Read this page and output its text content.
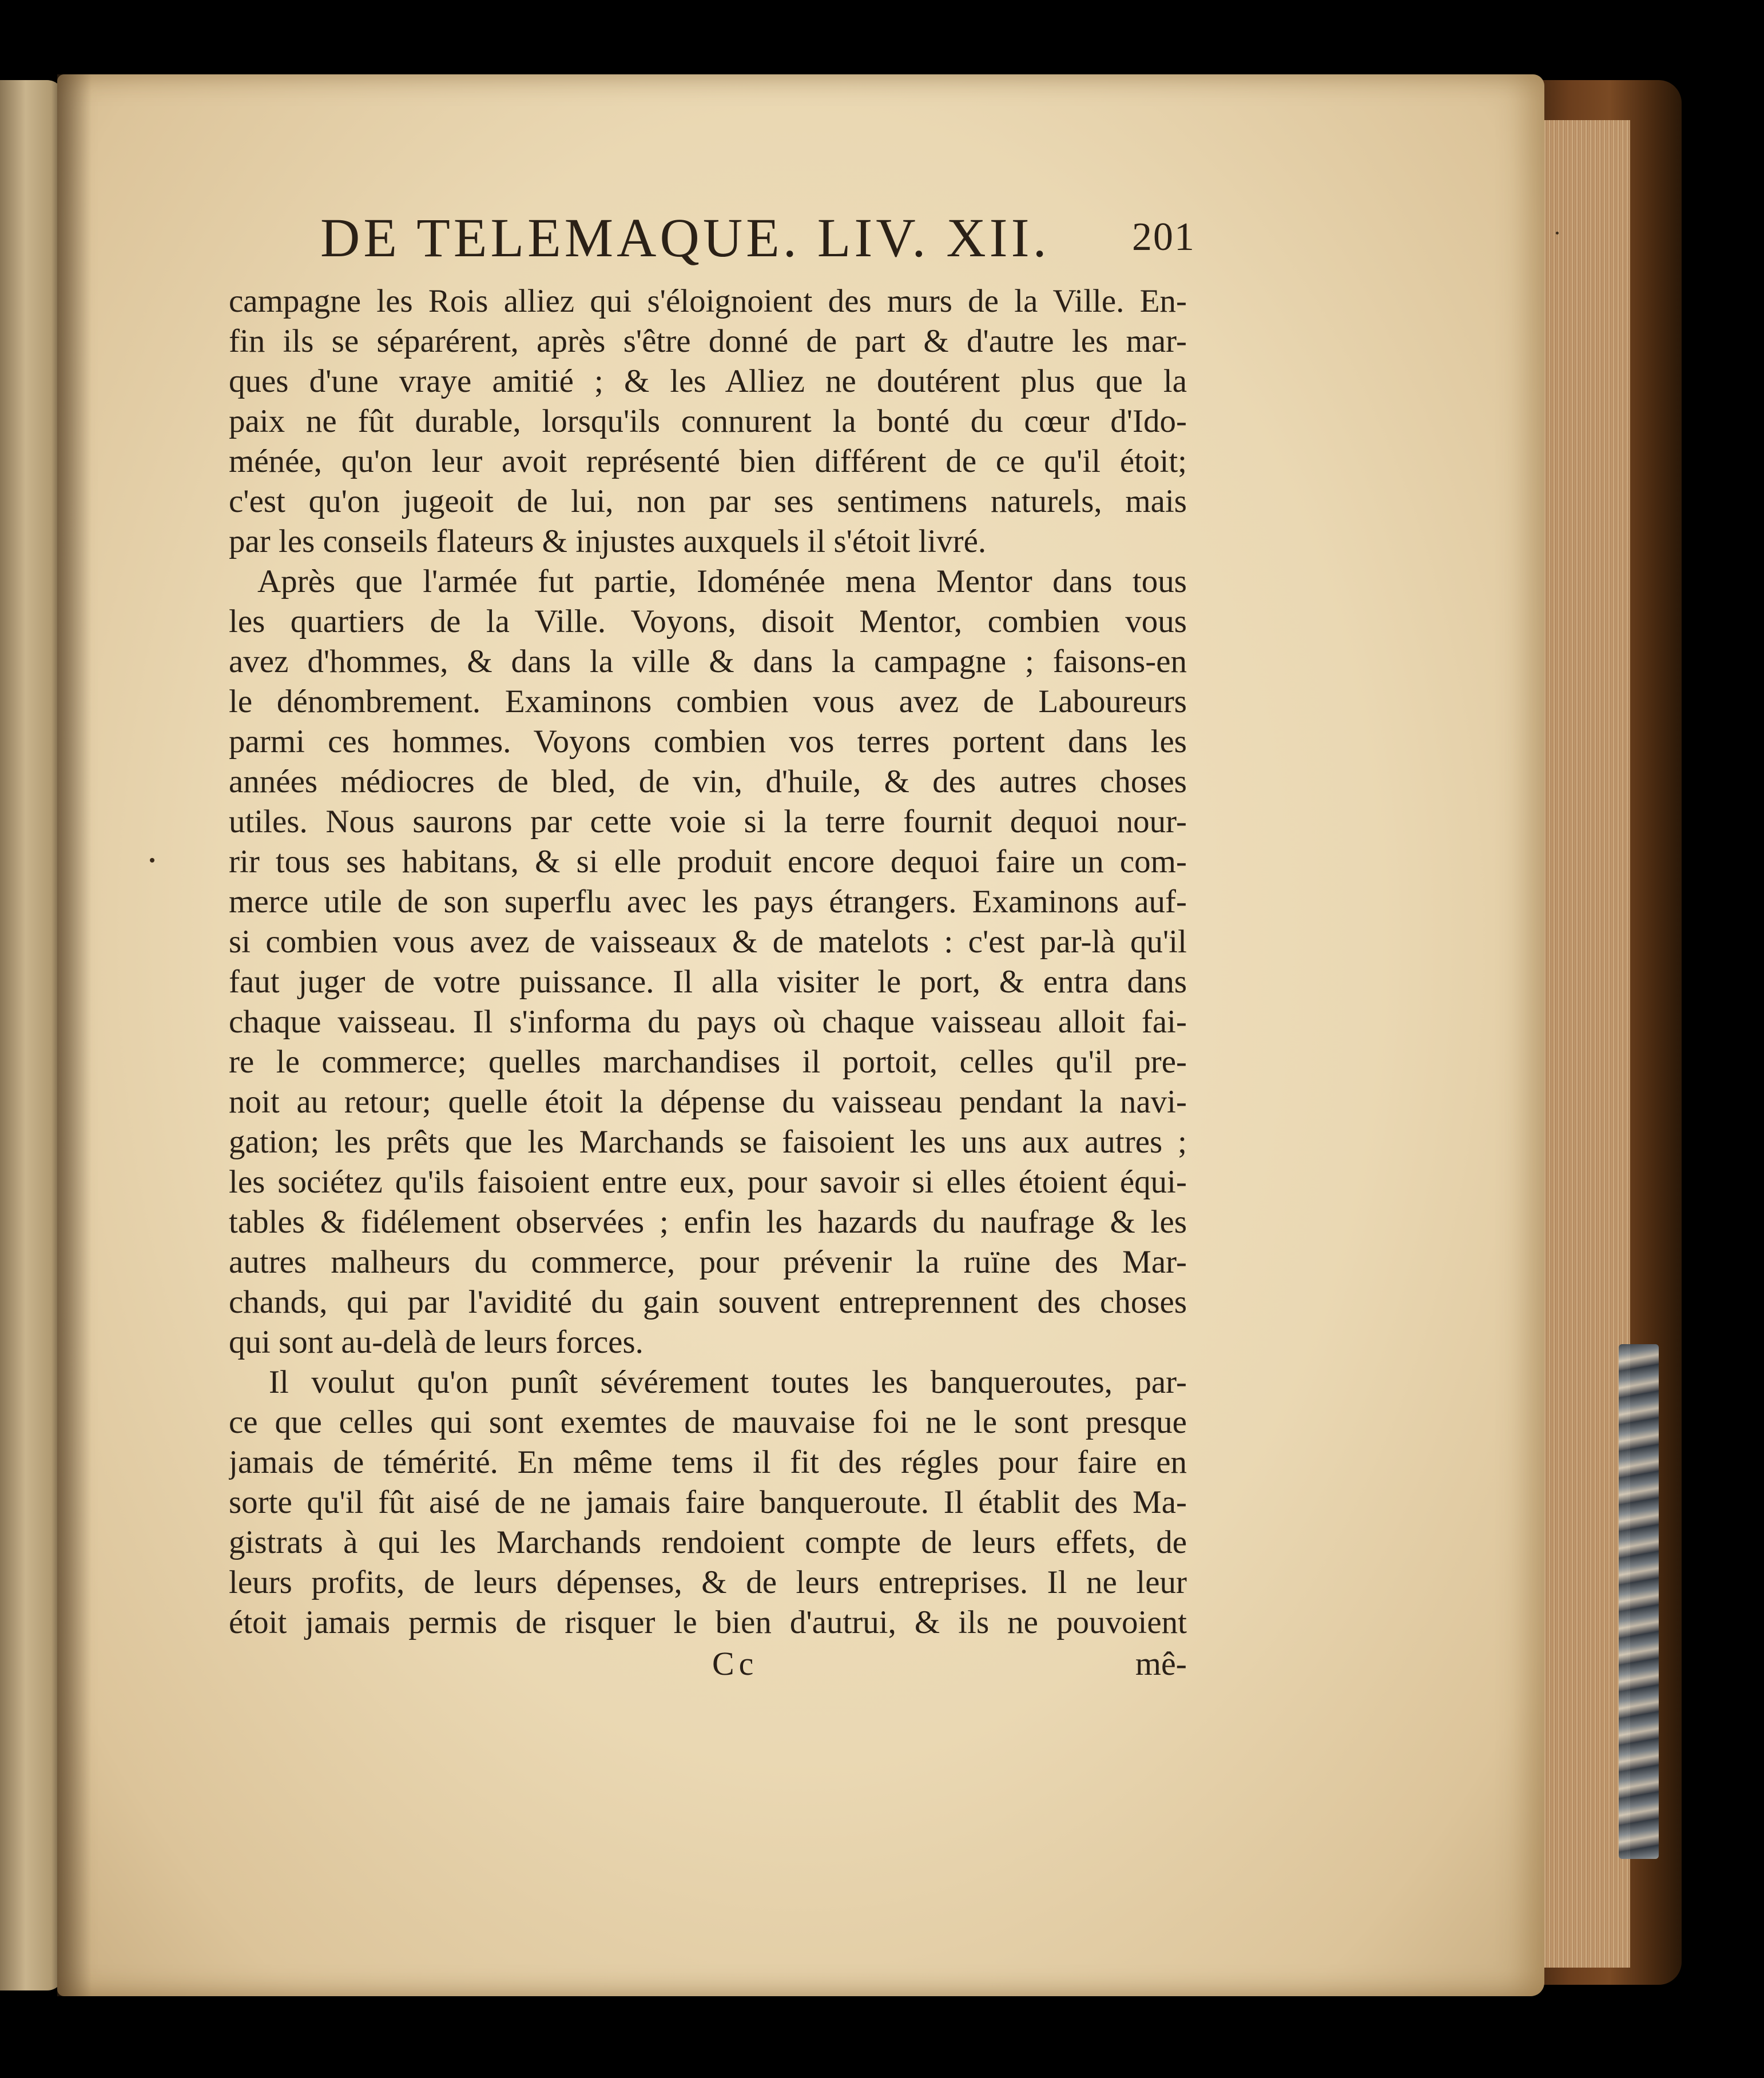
DE TELEMAQUE. LIV. XII. 201
campagne les Rois alliez qui s'éloignoient des murs de la Ville. En-
fin ils se séparérent, après s'être donné de part & d'autre les mar-
ques d'une vraye amitié ; & les Alliez ne doutérent plus que la
paix ne fût durable, lorsqu'ils connurent la bonté du cœur d'Ido-
ménée, qu'on leur avoit représenté bien différent de ce qu'il étoit;
c'est qu'on jugeoit de lui, non par ses sentimens naturels, mais
par les conseils flateurs & injustes auxquels il s'étoit livré.
Après que l'armée fut partie, Idoménée mena Mentor dans tous
les quartiers de la Ville. Voyons, disoit Mentor, combien vous
avez d'hommes, & dans la ville & dans la campagne ; faisons-en
le dénombrement. Examinons combien vous avez de Laboureurs
parmi ces hommes. Voyons combien vos terres portent dans les
années médiocres de bled, de vin, d'huile, & des autres choses
utiles. Nous saurons par cette voie si la terre fournit dequoi nour-
rir tous ses habitans, & si elle produit encore dequoi faire un com-
merce utile de son superflu avec les pays étrangers. Examinons auf-
si combien vous avez de vaisseaux & de matelots : c'est par-là qu'il
faut juger de votre puissance. Il alla visiter le port, & entra dans
chaque vaisseau. Il s'informa du pays où chaque vaisseau alloit fai-
re le commerce; quelles marchandises il portoit, celles qu'il pre-
noit au retour; quelle étoit la dépense du vaisseau pendant la navi-
gation; les prêts que les Marchands se faisoient les uns aux autres ;
les sociétez qu'ils faisoient entre eux, pour savoir si elles étoient équi-
tables & fidélement observées ; enfin les hazards du naufrage & les
autres malheurs du commerce, pour prévenir la ruïne des Mar-
chands, qui par l'avidité du gain souvent entreprennent des choses
qui sont au-delà de leurs forces.
Il voulut qu'on punît sévérement toutes les banqueroutes, par-
ce que celles qui sont exemtes de mauvaise foi ne le sont presque
jamais de témérité. En même tems il fit des régles pour faire en
sorte qu'il fût aisé de ne jamais faire banqueroute. Il établit des Ma-
gistrats à qui les Marchands rendoient compte de leurs effets, de
leurs profits, de leurs dépenses, & de leurs entreprises. Il ne leur
étoit jamais permis de risquer le bien d'autrui, & ils ne pouvoient
Cc	mê-
